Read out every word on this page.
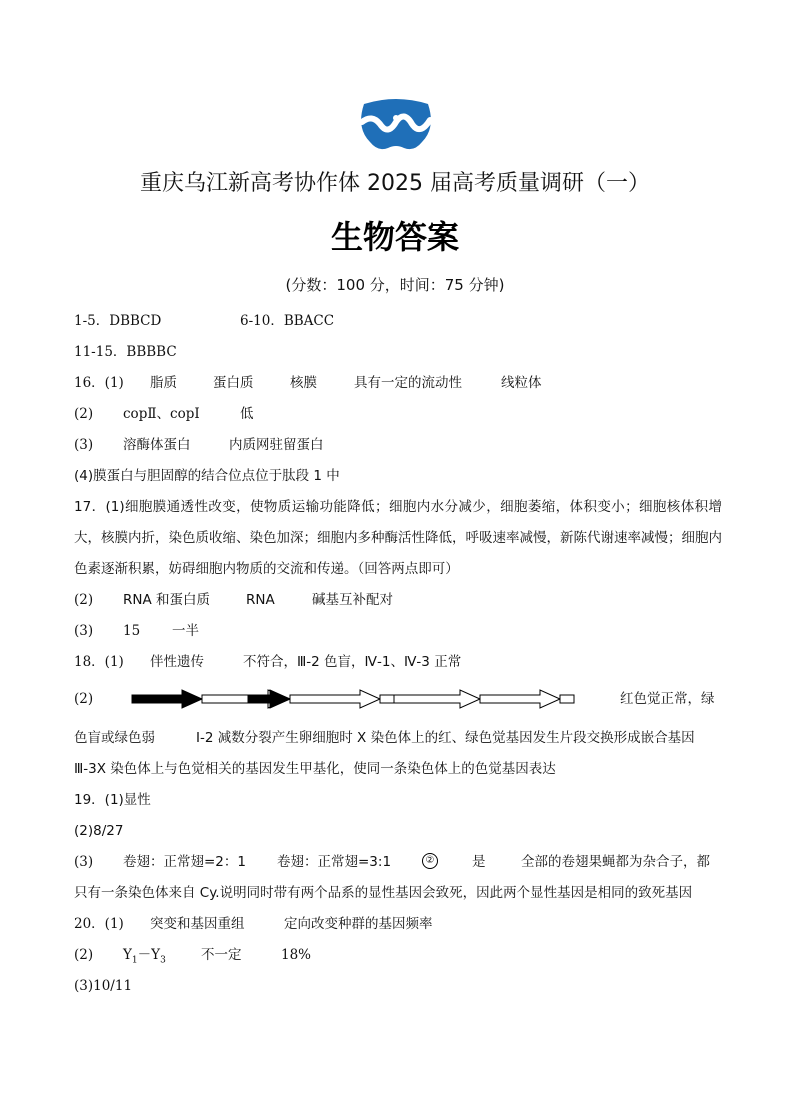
重庆乌江新高考协作体 2025 届高考质量调研（一）
生物答案
(分数：100 分，时间：75 分钟)
1-5．DBBCD	6-10．BBACC
11-15．BBBBC
16．(1) 脂质	蛋白质	核膜	具有一定的流动性	线粒体
(2) copⅡ、copⅠ	低
(3) 溶酶体蛋白	内质网驻留蛋白
(4)膜蛋白与胆固醇的结合位点位于肽段 1 中
17．(1)细胞膜通透性改变，使物质运输功能降低；细胞内水分减少，细胞萎缩，体积变小；细胞核体积增大，核膜内折，染色质收缩、染色加深；细胞内多种酶活性降低，呼吸速率减慢，新陈代谢速率减慢；细胞内色素逐渐积累，妨碍细胞内物质的交流和传递。（回答两点即可）
(2) RNA 和蛋白质	RNA	碱基互补配对
(3) 15 一半
18．(1) 伴性遗传	不符合，Ⅲ-2 色盲，Ⅳ-1、Ⅳ-3 正常
(2)	红色觉正常，绿
色盲或绿色弱	Ⅰ-2 减数分裂产生卵细胞时 X 染色体上的红、绿色觉基因发生片段交换形成嵌合基因
Ⅲ-3X 染色体上与色觉相关的基因发生甲基化，使同一条染色体上的色觉基因表达
19．(1)显性
(2)8/27
(3) 卷翅：正常翅=2：1 卷翅：正常翅=3:1	②	是	全部的卷翅果蝇都为杂合子，都
只有一条染色体来自 Cy.说明同时带有两个品系的显性基因会致死，因此两个显性基因是相同的致死基因
20．(1) 突变和基因重组	定向改变种群的基因频率
(2) $Y_1-Y_3$	不一定	18%
(3)10/11
